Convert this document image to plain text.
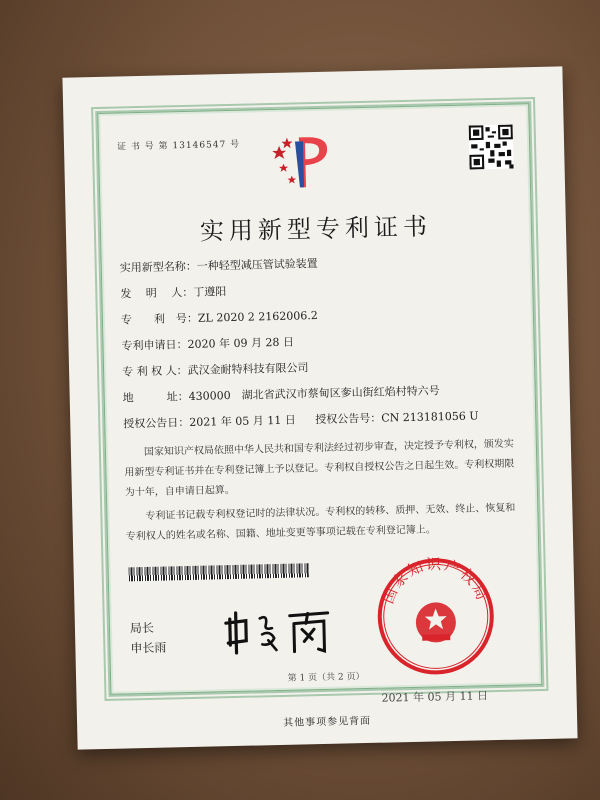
证 书 号 第 13146547 号
实用新型专利证书
实用新型名称：一种轻型减压管试验装置
发　 明　 人：丁遵阳
专　　利　号：ZL 2020 2 2162006.2
专利申请日：2020 年 09 月 28 日
专 利 权 人：武汉金耐特科技有限公司
地　　　址：430000　湖北省武汉市蔡甸区奓山街红焰村特六号
授权公告日：2021 年 05 月 11 日 授权公告号：CN 213181056 U

国家知识产权局依照中华人民共和国专利法经过初步审查，决定授予专利权，颁发实用新型专利证书并在专利登记簿上予以登记。专利权自授权公告之日起生效。专利权期限为十年，自申请日起算。

专利证书记载专利权登记时的法律状况。专利权的转移、质押、无效、终止、恢复和专利权人的姓名或名称、国籍、地址变更等事项记载在专利登记簿上。

局长
申长雨
国家知识产权局
2021 年 05 月 11 日
第 1 页（共 2 页）
其他事项参见背面
